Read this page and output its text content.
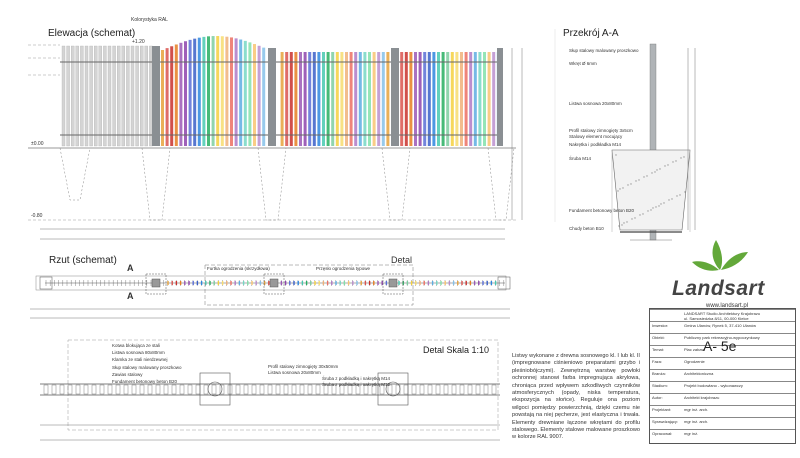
Elewacja (schemat)	Przekrój A-A
Rzut (schemat)	Detal
Detal Skala 1:10
Kolorystyka RAL
+1.20
±0.00
-0.80
Słup stalowy malowany proszkowo
Wkręt Ø 6mm
Listwa sosnowa 20x80mm
Profil stalowy zimnogięty 3x5cm
Stalowy element mocujący
Nakrętka i podkładka M14
Śruba M14
Fundament betonowy beton B20
Chudy beton B10
Furtka ogrodzenia (skrzydłowa)	Przęsło ogrodzenia typowe
A
A
Kotwa blokująca ze stali
Listwa sosnowa 80x80mm
Klamka ze stali nierdzewnej
Słup stalowy malowany proszkowo
Zawias stalowy
Fundament betonowy beton B20
Profil stalowy zimnogięty 30x50mm
Listwa sosnowa 20x80mm
Śruba z podkładką i nakrętką M14
Śruba z podkładką i nakrętką M12
Listwy wykonane z drewna sosnowego kl. I lub kl. II (impregnowane ciśnieniowo preparatami grzybo i pleśniobójczymi). Zewnętrzną warstwę powłoki ochronnej stanowi farba impregnująca akrylowa, chroniąca przed wpływem szkodliwych czynników atmosferycznych (opady, niska temperatura, ekspozycja na słońce). Reguluje ona poziom wilgoci pomiędzy powierzchnią, dzięki czemu nie powstają na niej pęcherze, jest elastyczna i trwała. Elementy drewniane łączone wkrętami do profilu stalowego. Elementy stalowe malowane proszkowo w kolorze RAL 9007.
Landsart
www.landsart.pl
LANDSART Studio Architektury Krajobrazu ul. Samosiedzka 8/11, 00-000 Kielce
Inwestor:	Gmina Ulanów, Rynek 5, 37-410 Ulanów
Obiekt:	Publiczny park rekreacyjno-wypoczynkowy
Temat:	Plac zabaw
Faza:	Ogrodzenie
Branża:	Architektoniczna
Stadium:	Projekt budowlano - wykonawczy
Autor:	Architekt krajobrazu
Projektant:	mgr inż. arch.
Sprawdzający:	mgr inż. arch.
Opracował:	mgr inż.
A- 5e
